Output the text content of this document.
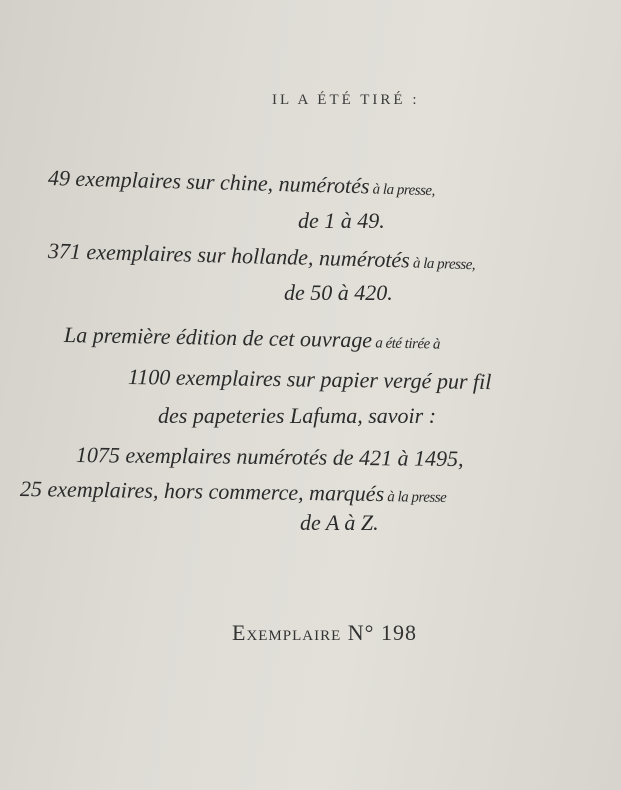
IL A ÉTÉ TIRÉ :
49 exemplaires sur chine, numérotés à la presse,
de 1 à 49.
371 exemplaires sur hollande, numérotés à la presse,
de 50 à 420.
La première édition de cet ouvrage a été tirée à
1100 exemplaires sur papier vergé pur fil
des papeteries Lafuma, savoir :
1075 exemplaires numérotés de 421 à 1495,
25 exemplaires, hors commerce, marqués à la presse
de A à Z.
Exemplaire N° 198
